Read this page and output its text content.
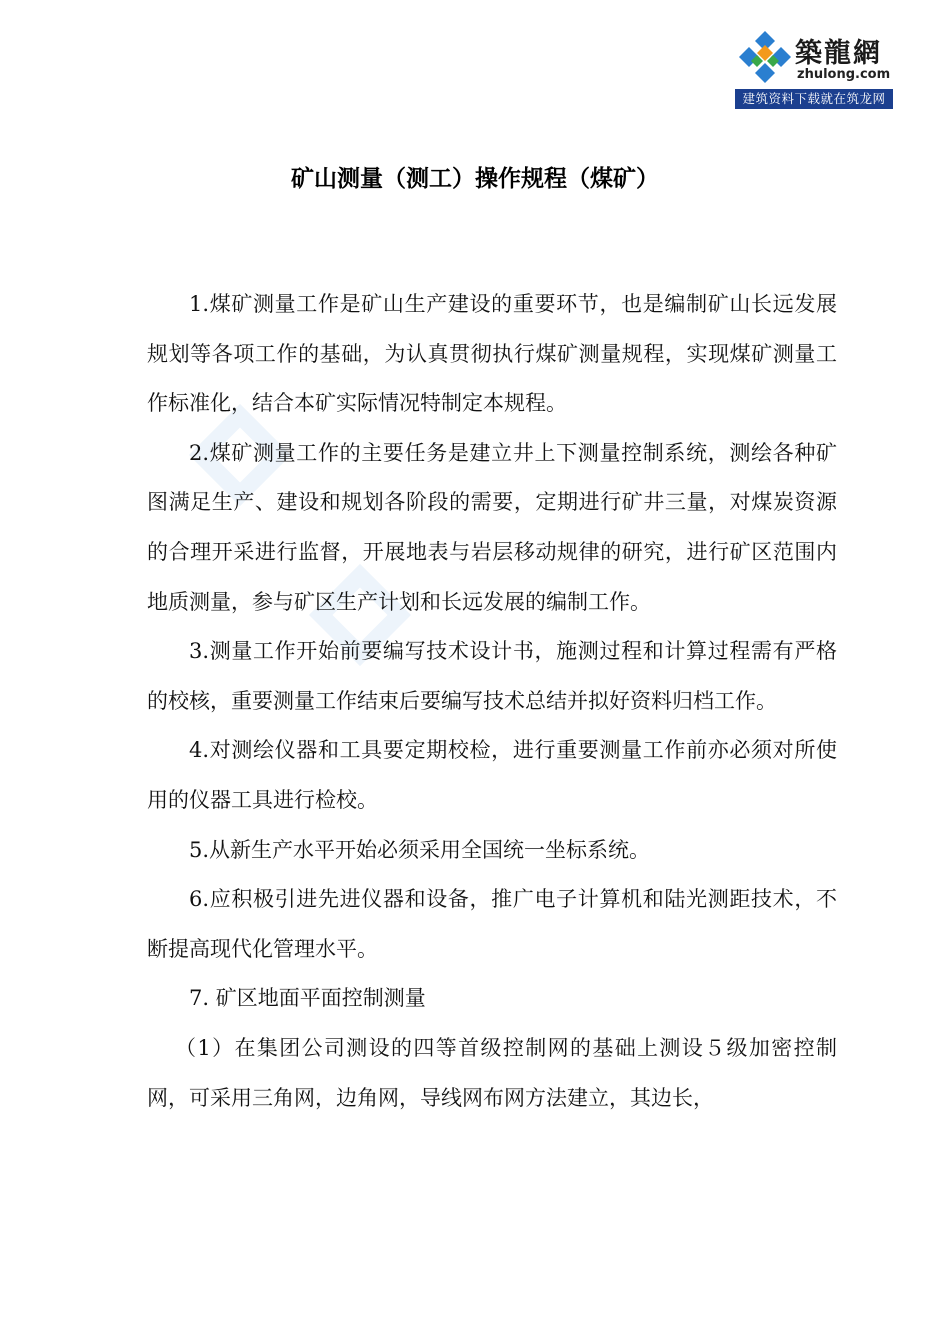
築龍網
zhulong.com
建筑资料下载就在筑龙网
矿山测量（测工）操作规程（煤矿）

1.煤矿测量工作是矿山生产建设的重要环节，也是编制矿山长远发展规划等各项工作的基础，为认真贯彻执行煤矿测量规程，实现煤矿测量工作标准化，结合本矿实际情况特制定本规程。

2.煤矿测量工作的主要任务是建立井上下测量控制系统，测绘各种矿图满足生产、建设和规划各阶段的需要，定期进行矿井三量，对煤炭资源的合理开采进行监督，开展地表与岩层移动规律的研究，进行矿区范围内地质测量，参与矿区生产计划和长远发展的编制工作。

3.测量工作开始前要编写技术设计书，施测过程和计算过程需有严格的校核，重要测量工作结束后要编写技术总结并拟好资料归档工作。

4.对测绘仪器和工具要定期校检，进行重要测量工作前亦必须对所使用的仪器工具进行检校。

5.从新生产水平开始必须采用全国统一坐标系统。

6.应积极引进先进仪器和设备，推广电子计算机和陆光测距技术，不断提高现代化管理水平。

7. 矿区地面平面控制测量

（1）在集团公司测设的四等首级控制网的基础上测设５级加密控制网，可采用三角网，边角网，导线网布网方法建立，其边长，
